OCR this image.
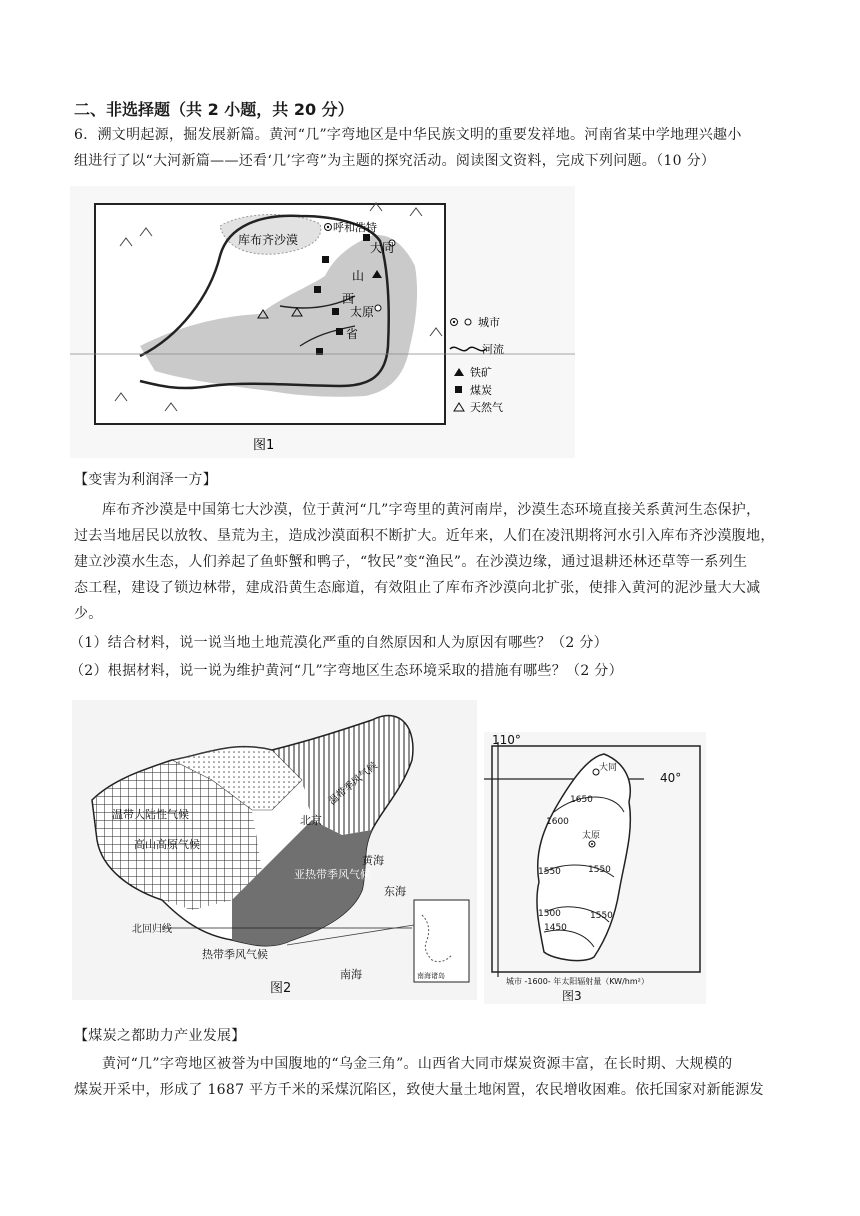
二、非选择题（共 2 小题，共 20 分）
6．溯文明起源，掘发展新篇。黄河“几”字弯地区是中华民族文明的重要发祥地。河南省某中学地理兴趣小
组进行了以“大河新篇——还看‘几’字弯”为主题的探究活动。阅读图文资料，完成下列问题。（10 分）
库布齐沙漠
呼和浩特
大同
山
西
太原
省
城市
河流
铁矿
煤炭
天然气
图1
【变害为利润泽一方】
库布齐沙漠是中国第七大沙漠，位于黄河“几”字弯里的黄河南岸，沙漠生态环境直接关系黄河生态保护，
过去当地居民以放牧、垦荒为主，造成沙漠面积不断扩大。近年来，人们在凌汛期将河水引入库布齐沙漠腹地，
建立沙漠水生态，人们养起了鱼虾蟹和鸭子，“牧民”变“渔民”。在沙漠边缘，通过退耕还林还草等一系列生
态工程，建设了锁边林带，建成沿黄生态廊道，有效阻止了库布齐沙漠向北扩张，使排入黄河的泥沙量大大减
少。
（1）结合材料，说一说当地土地荒漠化严重的自然原因和人为原因有哪些？（2 分）
（2）根据材料，说一说为维护黄河“几”字弯地区生态环境采取的措施有哪些？（2 分）
温带大陆性气候
温带季风气候
高山高原气候
北京
黄海
亚热带季风气候
东海
北回归线
热带季风气候
南海	南海诸岛
图2
110°
40°
大同
太原
1650
1600
1550	1550
1500
1450
1550
城市 -1600- 年太阳辐射量（KW/hm²）
图3
【煤炭之都助力产业发展】
黄河“几”字弯地区被誉为中国腹地的“乌金三角”。山西省大同市煤炭资源丰富，在长时期、大规模的
煤炭开采中，形成了 1687 平方千米的采煤沉陷区，致使大量土地闲置，农民增收困难。依托国家对新能源发
